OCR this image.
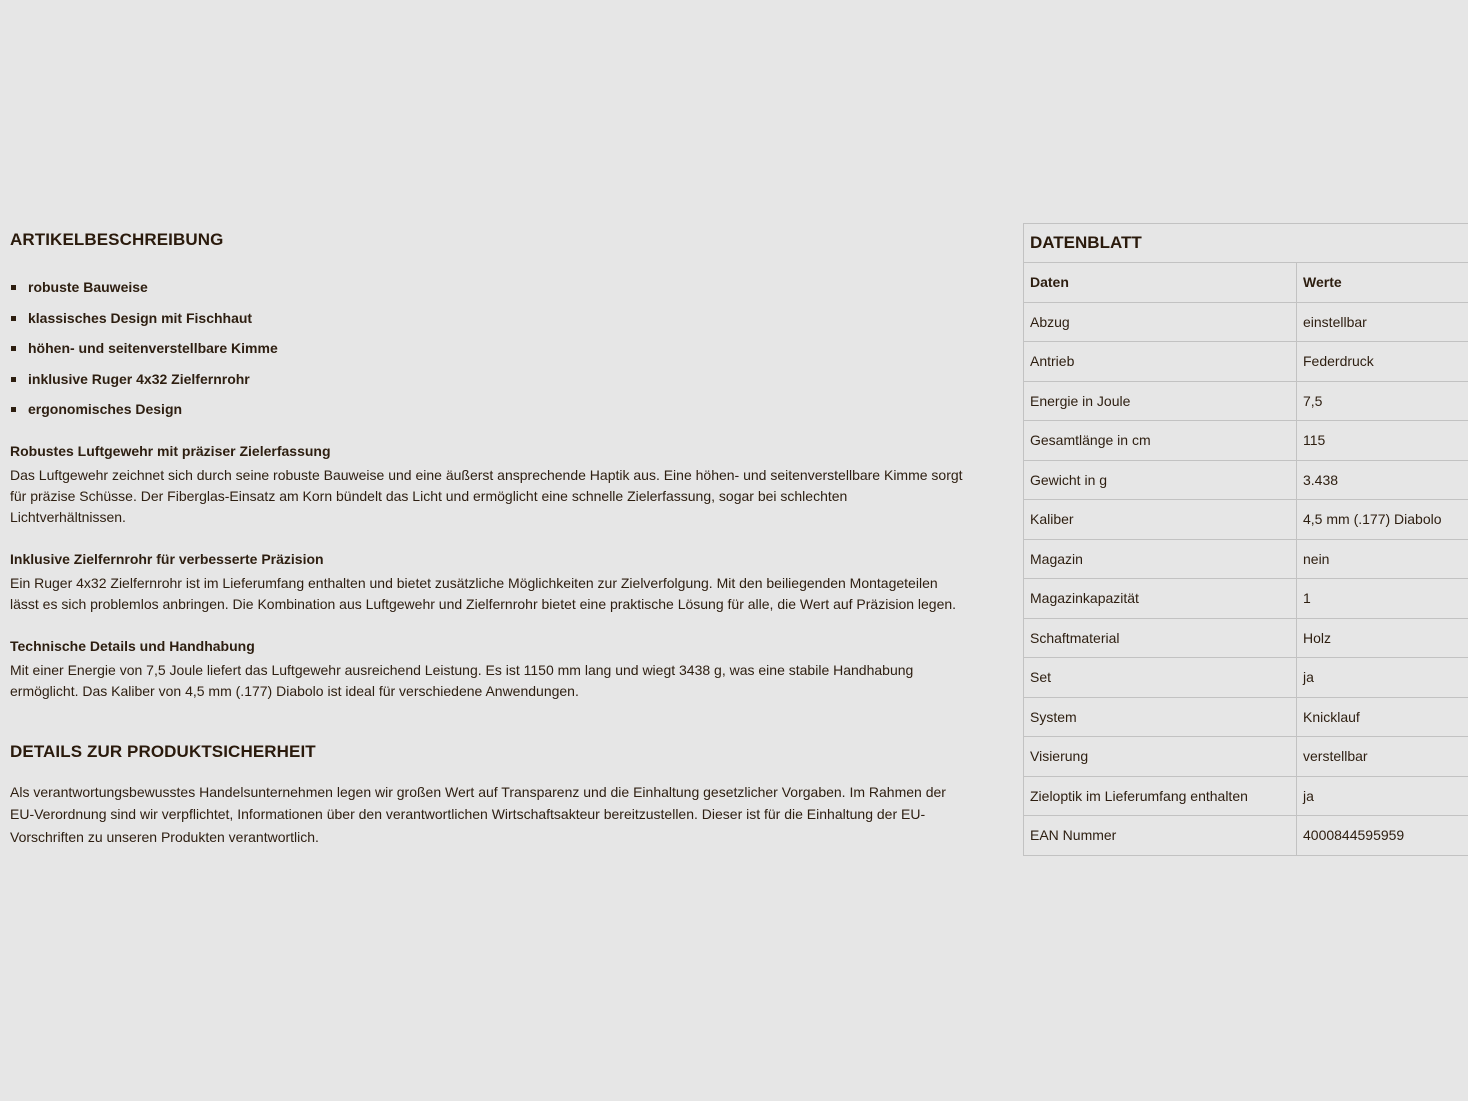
ARTIKELBESCHREIBUNG
robuste Bauweise
klassisches Design mit Fischhaut
höhen- und seitenverstellbare Kimme
inklusive Ruger 4x32 Zielfernrohr
ergonomisches Design
Robustes Luftgewehr mit präziser Zielerfassung

Das Luftgewehr zeichnet sich durch seine robuste Bauweise und eine äußerst ansprechende Haptik aus. Eine höhen- und seitenverstellbare Kimme sorgt für präzise Schüsse. Der Fiberglas-Einsatz am Korn bündelt das Licht und ermöglicht eine schnelle Zielerfassung, sogar bei schlechten Lichtverhältnissen.

Inklusive Zielfernrohr für verbesserte Präzision

Ein Ruger 4x32 Zielfernrohr ist im Lieferumfang enthalten und bietet zusätzliche Möglichkeiten zur Zielverfolgung. Mit den beiliegenden Montageteilen lässt es sich problemlos anbringen. Die Kombination aus Luftgewehr und Zielfernrohr bietet eine praktische Lösung für alle, die Wert auf Präzision legen.

Technische Details und Handhabung

Mit einer Energie von 7,5 Joule liefert das Luftgewehr ausreichend Leistung. Es ist 1150 mm lang und wiegt 3438 g, was eine stabile Handhabung ermöglicht. Das Kaliber von 4,5 mm (.177) Diabolo ist ideal für verschiedene Anwendungen.

DETAILS ZUR PRODUKTSICHERHEIT

Als verantwortungsbewusstes Handelsunternehmen legen wir großen Wert auf Transparenz und die Einhaltung gesetzlicher Vorgaben. Im Rahmen der EU-Verordnung sind wir verpflichtet, Informationen über den verantwortlichen Wirtschaftsakteur bereitzustellen. Dieser ist für die Einhaltung der EU-Vorschriften zu unseren Produkten verantwortlich.

DATENBLATT
Daten	Werte
Abzug	einstellbar
Antrieb	Federdruck
Energie in Joule	7,5
Gesamtlänge in cm	115
Gewicht in g	3.438
Kaliber	4,5 mm (.177) Diabolo
Magazin	nein
Magazinkapazität	1
Schaftmaterial	Holz
Set	ja
System	Knicklauf
Visierung	verstellbar
Zieloptik im Lieferumfang enthalten	ja
EAN Nummer	4000844595959
